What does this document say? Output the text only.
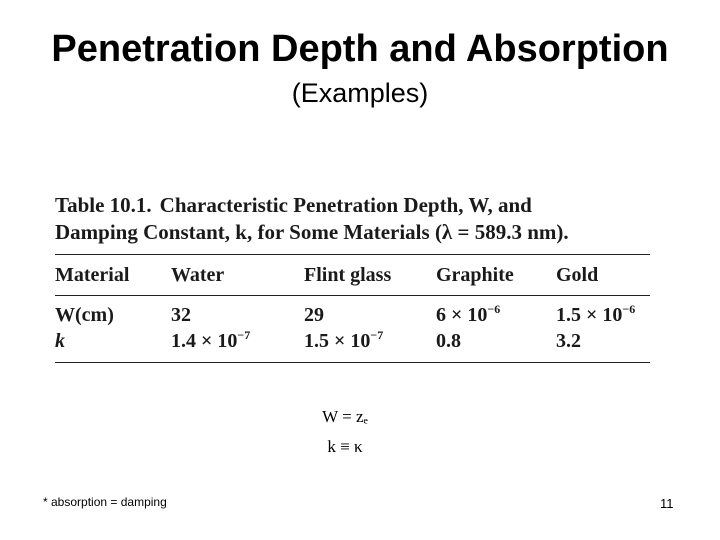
Penetration Depth and Absorption
(Examples)
Table 10.1. Characteristic Penetration Depth, W, and
Damping Constant, k, for Some Materials (λ = 589.3 nm).
Material	Water	Flint glass	Graphite	Gold
W(cm)	32	29	$6 \times 10^{-6}$	$1.5 \times 10^{-6}$
k	$1.4 \times 10^{-7}$	$1.5 \times 10^{-7}$	0.8	3.2
W = zₑ
k ≡ κ
* absorption = damping	11
